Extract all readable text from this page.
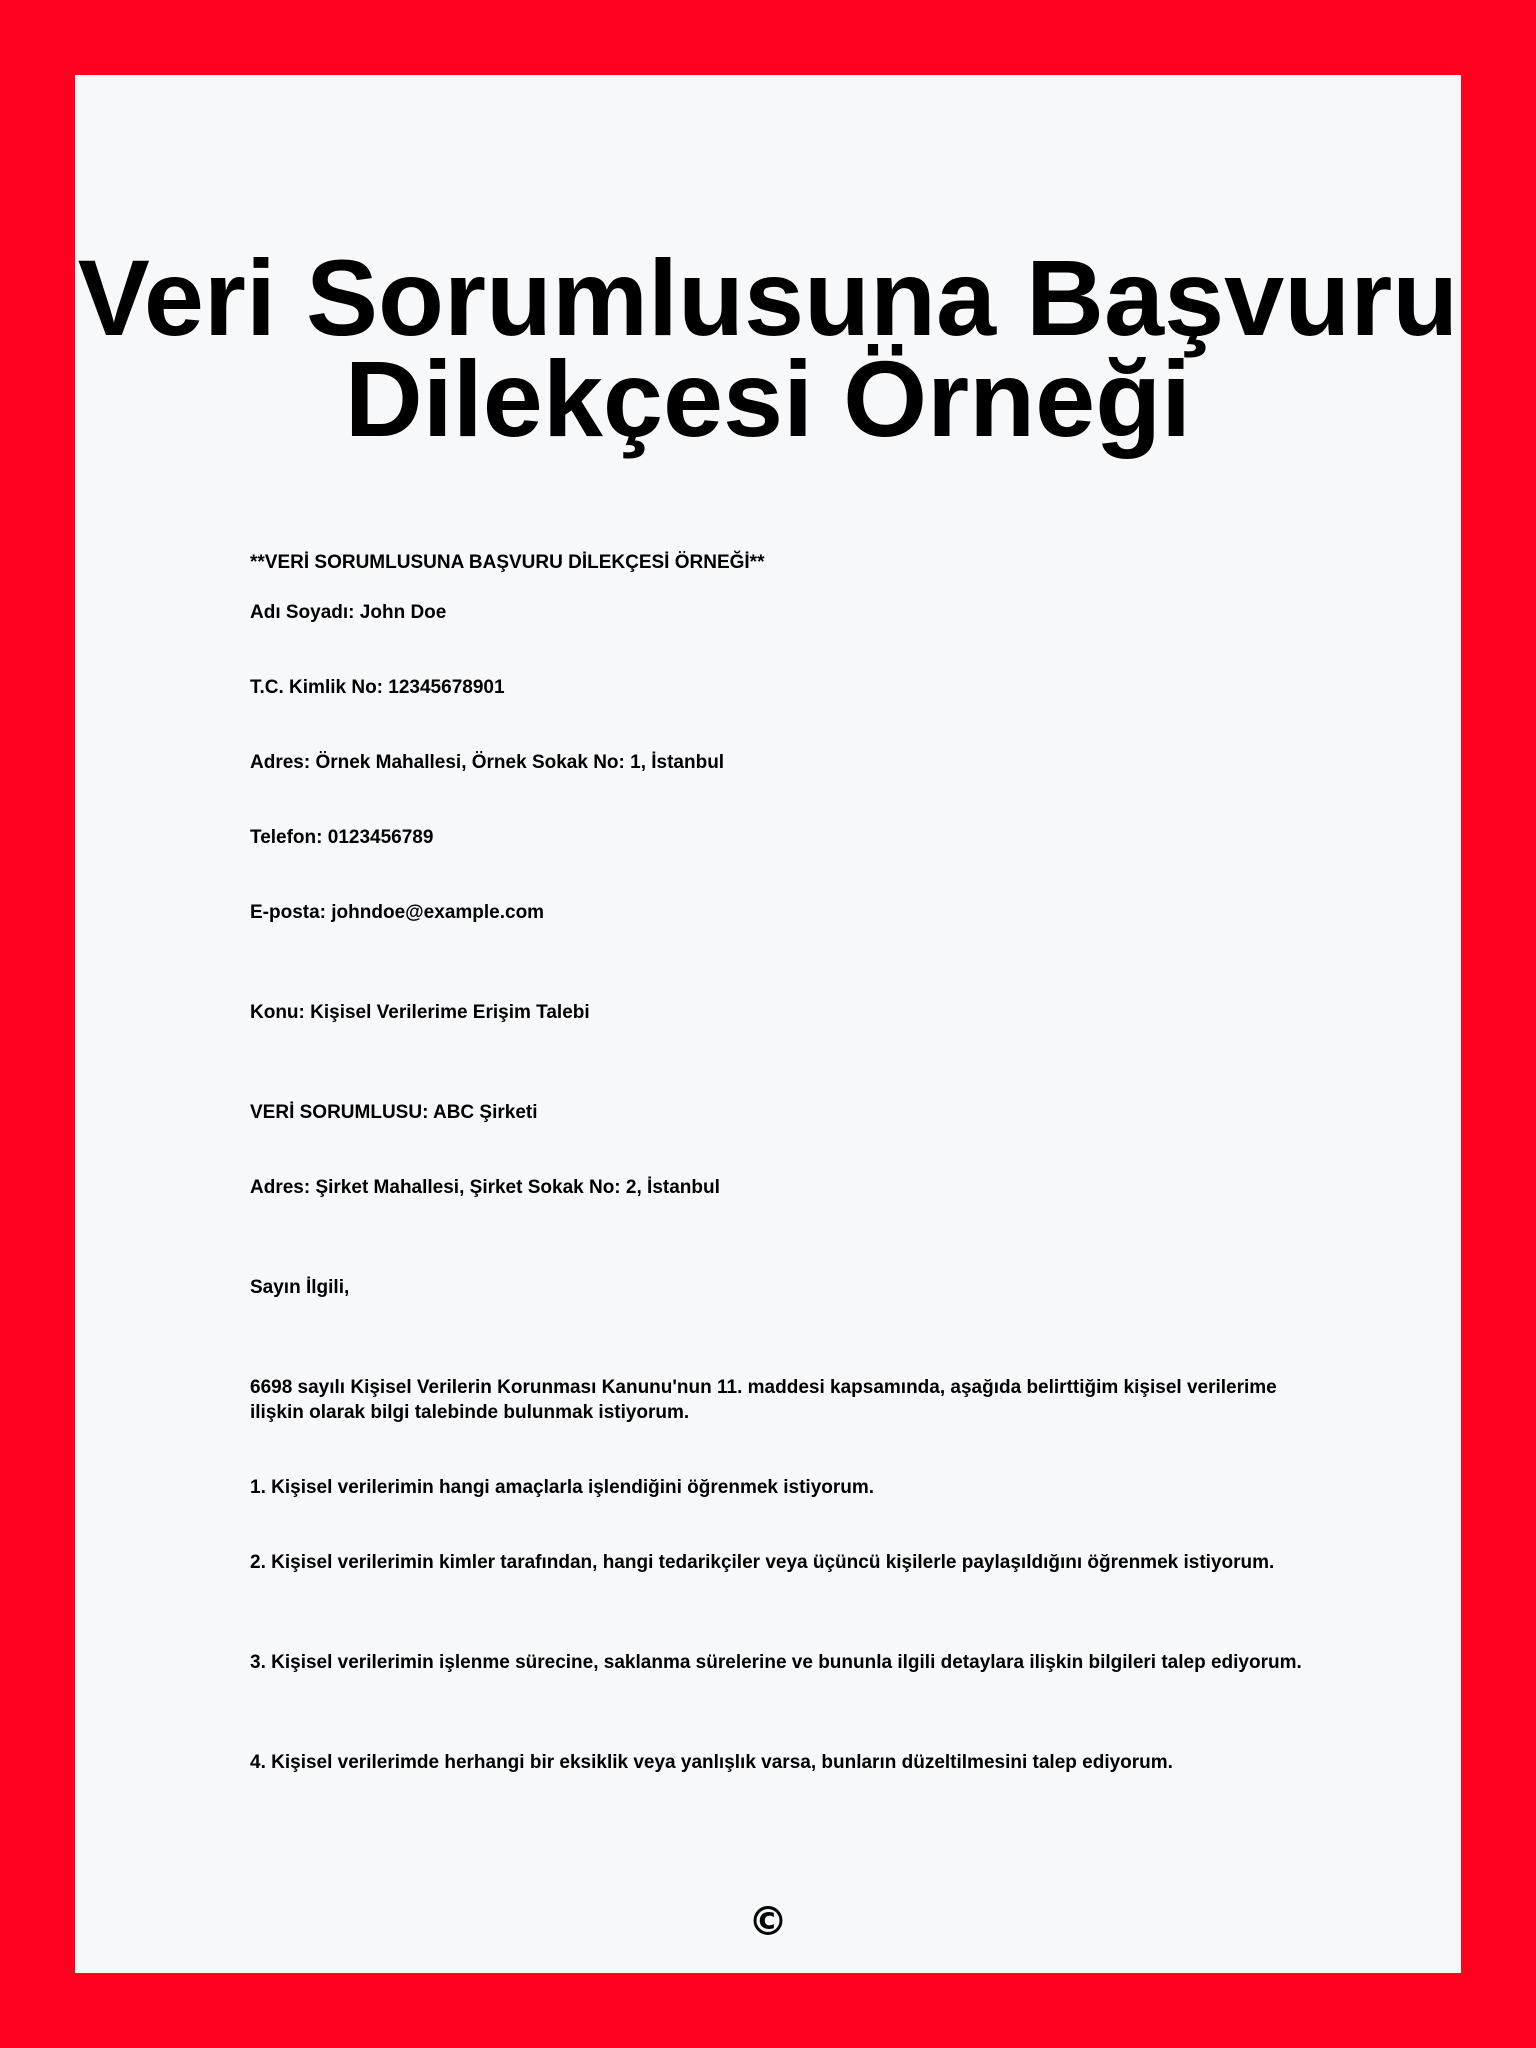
Veri Sorumlusuna Başvuru Dilekçesi Örneği

**VERİ SORUMLUSUNA BAŞVURU DİLEKÇESİ ÖRNEĞİ**

Adı Soyadı: John Doe

T.C. Kimlik No: 12345678901

Adres: Örnek Mahallesi, Örnek Sokak No: 1, İstanbul

Telefon: 0123456789

E-posta: johndoe@example.com

Konu: Kişisel Verilerime Erişim Talebi

VERİ SORUMLUSU: ABC Şirketi

Adres: Şirket Mahallesi, Şirket Sokak No: 2, İstanbul

Sayın İlgili,

6698 sayılı Kişisel Verilerin Korunması Kanunu'nun 11. maddesi kapsamında, aşağıda belirttiğim kişisel verilerime ilişkin olarak bilgi talebinde bulunmak istiyorum.

1. Kişisel verilerimin hangi amaçlarla işlendiğini öğrenmek istiyorum.

2. Kişisel verilerimin kimler tarafından, hangi tedarikçiler veya üçüncü kişilerle paylaşıldığını öğrenmek istiyorum.

3. Kişisel verilerimin işlenme sürecine, saklanma sürelerine ve bununla ilgili detaylara ilişkin bilgileri talep ediyorum.

4. Kişisel verilerimde herhangi bir eksiklik veya yanlışlık varsa, bunların düzeltilmesini talep ediyorum.

©
